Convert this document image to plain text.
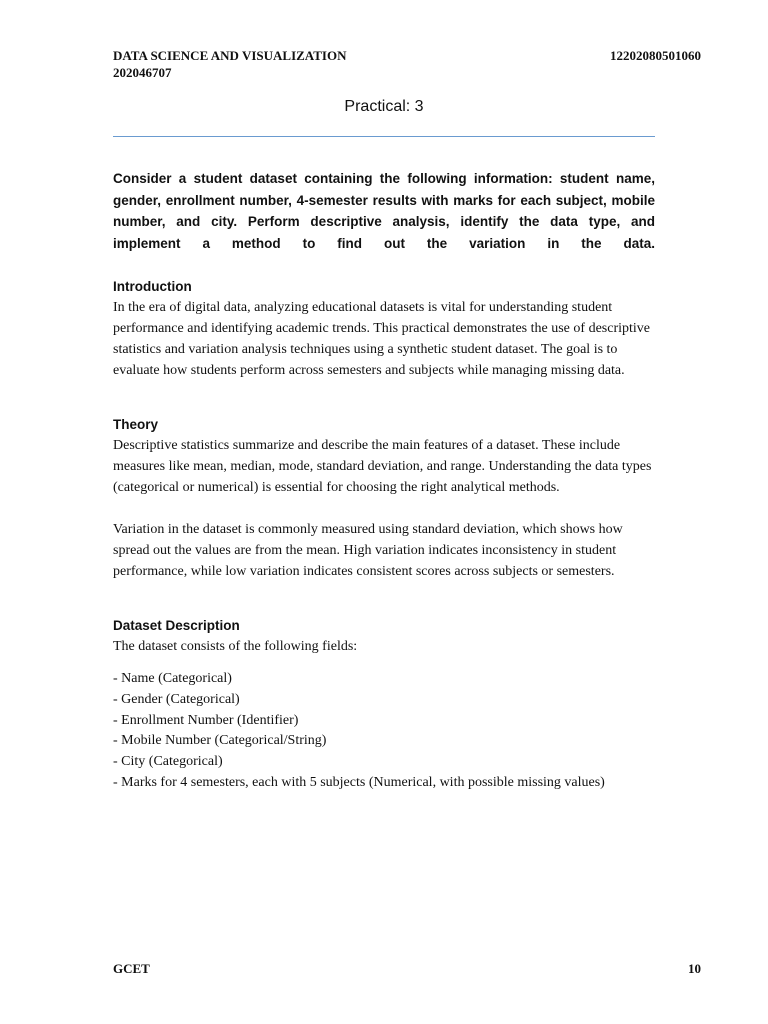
DATA SCIENCE AND VISUALIZATION	12202080501060
202046707
Practical: 3

Consider a student dataset containing the following information: student name, gender, enrollment number, 4-semester results with marks for each subject, mobile number, and city. Perform descriptive analysis, identify the data type, and implement a method to find out the variation in the data.

Introduction

In the era of digital data, analyzing educational datasets is vital for understanding student performance and identifying academic trends. This practical demonstrates the use of descriptive statistics and variation analysis techniques using a synthetic student dataset. The goal is to evaluate how students perform across semesters and subjects while managing missing data.

Theory

Descriptive statistics summarize and describe the main features of a dataset. These include measures like mean, median, mode, standard deviation, and range. Understanding the data types (categorical or numerical) is essential for choosing the right analytical methods.

Variation in the dataset is commonly measured using standard deviation, which shows how spread out the values are from the mean. High variation indicates inconsistency in student performance, while low variation indicates consistent scores across subjects or semesters.

Dataset Description

The dataset consists of the following fields:

- Name (Categorical)
- Gender (Categorical)
- Enrollment Number (Identifier)
- Mobile Number (Categorical/String)
- City (Categorical)
- Marks for 4 semesters, each with 5 subjects (Numerical, with possible missing values)
GCET	10
